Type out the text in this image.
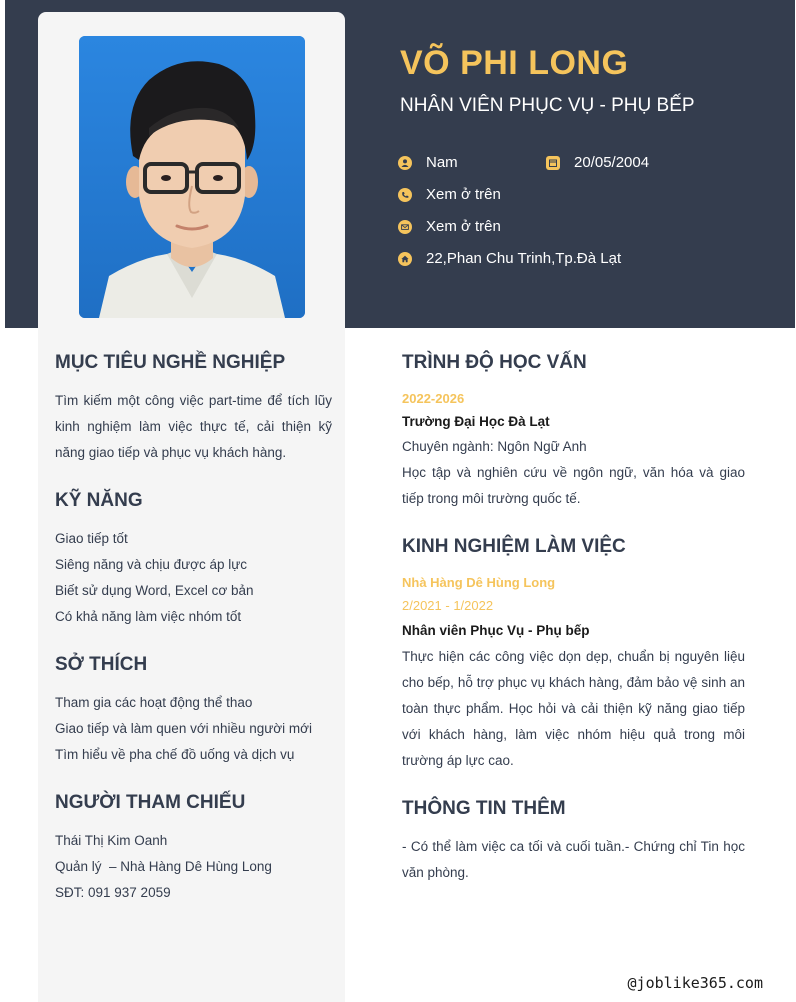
VÕ PHI LONG
NHÂN VIÊN PHỤC VỤ - PHỤ BẾP
Nam	20/05/2004
Xem ở trên
Xem ở trên
22,Phan Chu Trinh,Tp.Đà Lạt
MỤC TIÊU NGHỀ NGHIỆP
Tìm kiếm một công việc part-time để tích lũy kinh nghiệm làm việc thực tế, cải thiện kỹ năng giao tiếp và phục vụ khách hàng.
KỸ NĂNG
Giao tiếp tốt
Siêng năng và chịu được áp lực
Biết sử dụng Word, Excel cơ bản
Có khả năng làm việc nhóm tốt
SỞ THÍCH
Tham gia các hoạt động thể thao
Giao tiếp và làm quen với nhiều người mới
Tìm hiểu về pha chế đồ uống và dịch vụ
NGƯỜI THAM CHIẾU
Thái Thị Kim Oanh
Quản lý  – Nhà Hàng Dê Hùng Long
SĐT: 091 937 2059
TRÌNH ĐỘ HỌC VẤN
2022-2026
Trường Đại Học Đà Lạt
Chuyên ngành: Ngôn Ngữ Anh
Học tập và nghiên cứu về ngôn ngữ, văn hóa và giao tiếp trong môi trường quốc tế.
KINH NGHIỆM LÀM VIỆC
Nhà Hàng Dê Hùng Long
2/2021 - 1/2022
Nhân viên Phục Vụ - Phụ bếp
Thực hiện các công việc dọn dẹp, chuẩn bị nguyên liệu cho bếp, hỗ trợ phục vụ khách hàng, đảm bảo vệ sinh an toàn thực phẩm. Học hỏi và cải thiện kỹ năng giao tiếp với khách hàng, làm việc nhóm hiệu quả trong môi trường áp lực cao.
THÔNG TIN THÊM
- Có thể làm việc ca tối và cuối tuần.- Chứng chỉ Tin học văn phòng.
@joblike365.com
